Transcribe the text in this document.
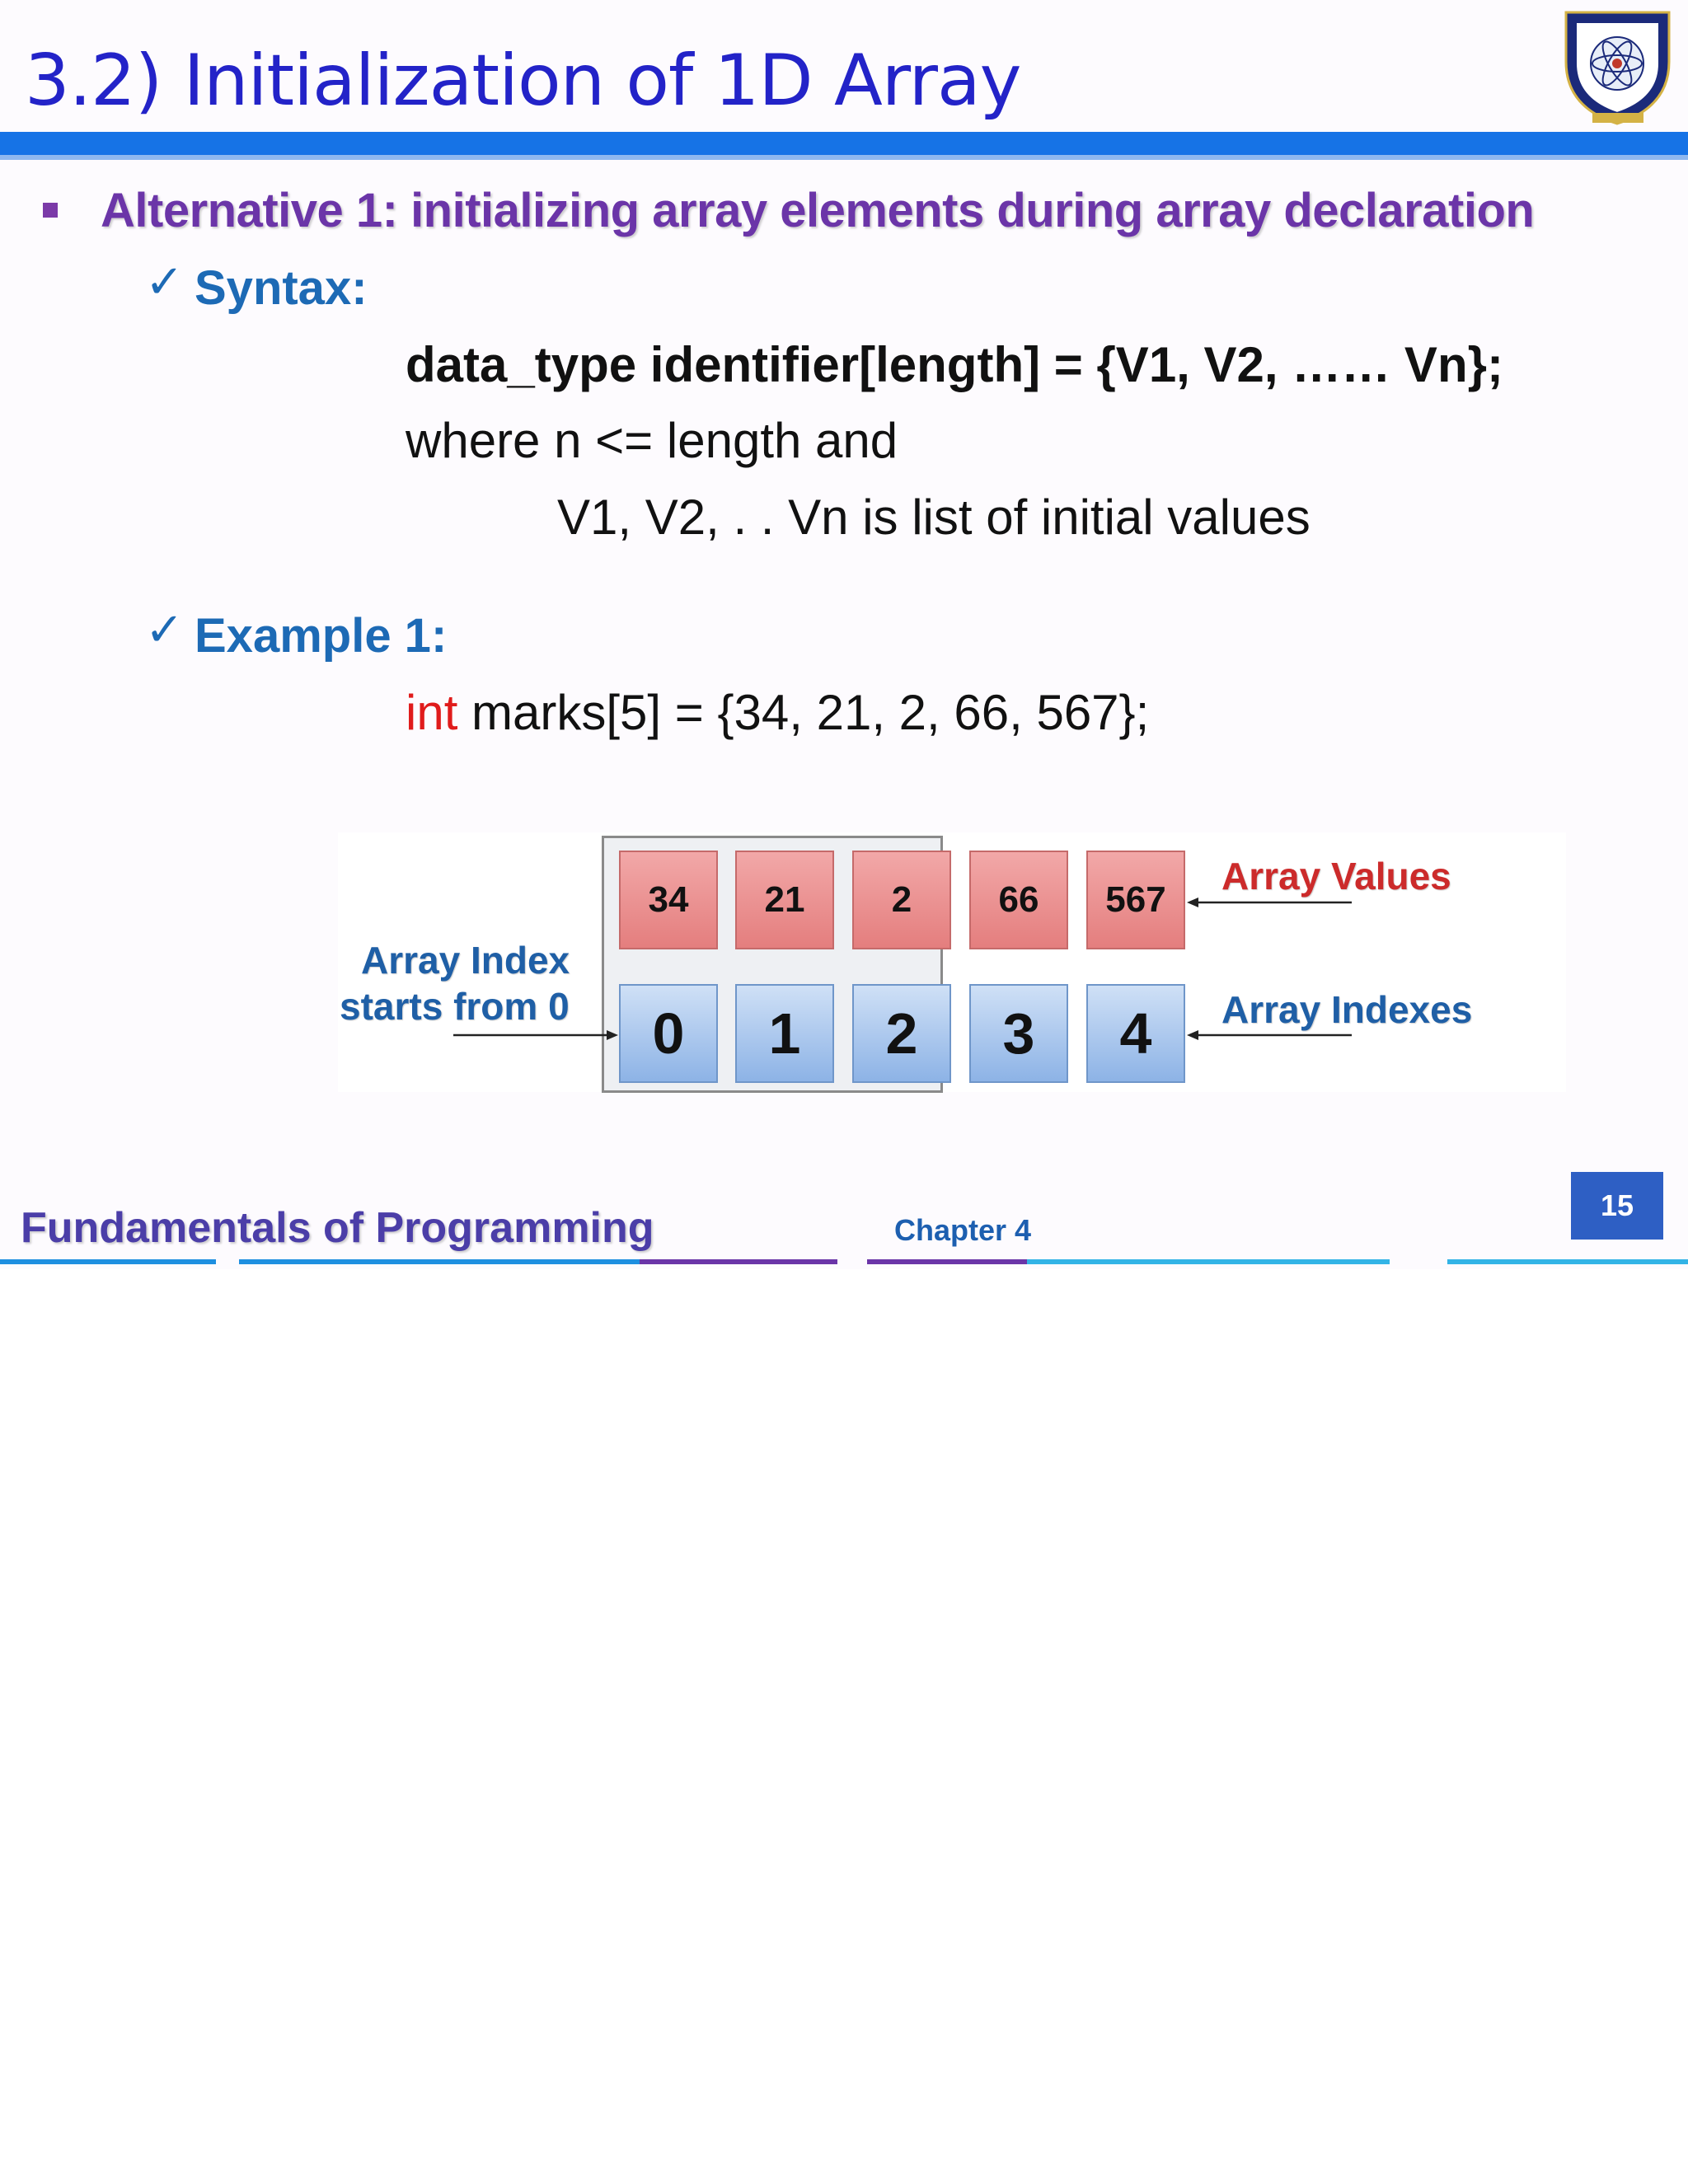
3.2) Initialization of 1D Array
Alternative 1: initializing array elements during array declaration
✓ Syntax:
data_type identifier[length] = {V1, V2, …… Vn};
where n <= length and
V1, V2, . . Vn is list of initial values
✓ Example 1:
int marks[5] = {34, 21, 2, 66, 567};
34	21	2	66	567
0	1	2	3	4
Array Values
Array Indexes
Array Index
starts from 0
Fundamentals of Programming	Chapter 4
15
